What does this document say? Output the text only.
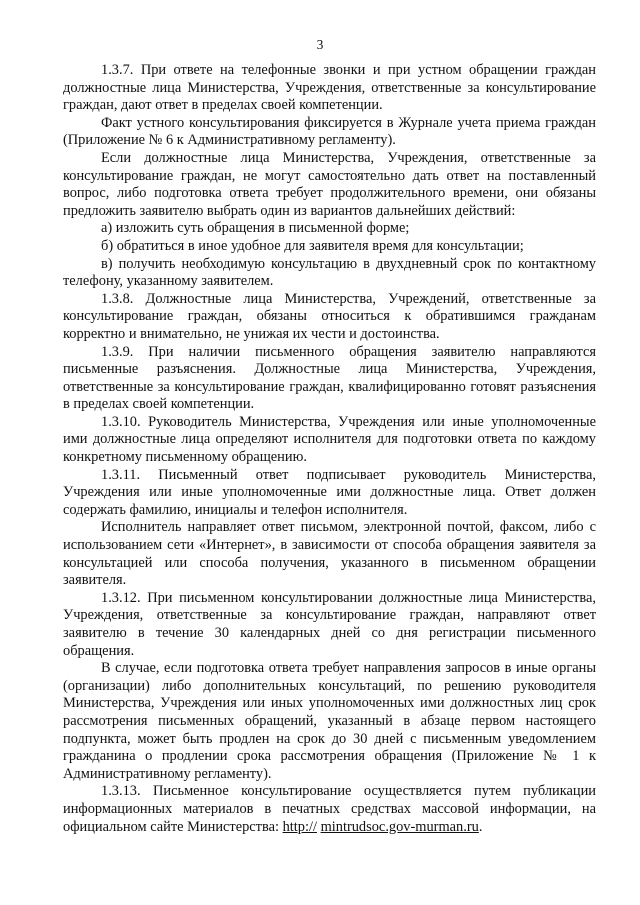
3

1.3.7. При ответе на телефонные звонки и при устном обращении граждан должностные лица Министерства, Учреждения, ответственные за консультирование граждан, дают ответ в пределах своей компетенции.

Факт устного консультирования фиксируется в Журнале учета приема граждан (Приложение № 6 к Административному регламенту).

Если должностные лица Министерства, Учреждения, ответственные за консультирование граждан, не могут самостоятельно дать ответ на поставленный вопрос, либо подготовка ответа требует продолжительного времени, они обязаны предложить заявителю выбрать один из вариантов дальнейших действий:

а) изложить суть обращения в письменной форме;

б) обратиться в иное удобное для заявителя время для консультации;

в) получить необходимую консультацию в двухдневный срок по контактному телефону, указанному заявителем.

1.3.8. Должностные лица Министерства, Учреждений, ответственные за консультирование граждан, обязаны относиться к обратившимся гражданам корректно и внимательно, не унижая их чести и достоинства.

1.3.9. При наличии письменного обращения заявителю направляются письменные разъяснения. Должностные лица Министерства, Учреждения, ответственные за консультирование граждан, квалифицированно готовят разъяснения в пределах своей компетенции.

1.3.10. Руководитель Министерства, Учреждения или иные уполномоченные ими должностные лица определяют исполнителя для подготовки ответа по каждому конкретному письменному обращению.

1.3.11. Письменный ответ подписывает руководитель Министерства, Учреждения или иные уполномоченные ими должностные лица. Ответ должен содержать фамилию, инициалы и телефон исполнителя.

Исполнитель направляет ответ письмом, электронной почтой, факсом, либо с использованием сети «Интернет», в зависимости от способа обращения заявителя за консультацией или способа получения, указанного в письменном обращении заявителя.

1.3.12. При письменном консультировании должностные лица Министерства, Учреждения, ответственные за консультирование граждан, направляют ответ заявителю в течение 30 календарных дней со дня регистрации письменного обращения.

В случае, если подготовка ответа требует направления запросов в иные органы (организации) либо дополнительных консультаций, по решению руководителя Министерства, Учреждения или иных уполномоченных ими должностных лиц срок рассмотрения письменных обращений, указанный в абзаце первом настоящего подпункта, может быть продлен на срок до 30 дней с письменным уведомлением гражданина о продлении срока рассмотрения обращения (Приложение № 1 к Административному регламенту).

1.3.13. Письменное консультирование осуществляется путем публикации информационных материалов в печатных средствах массовой информации, на официальном сайте Министерства: http:// mintrudsoc.gov-murman.ru.
